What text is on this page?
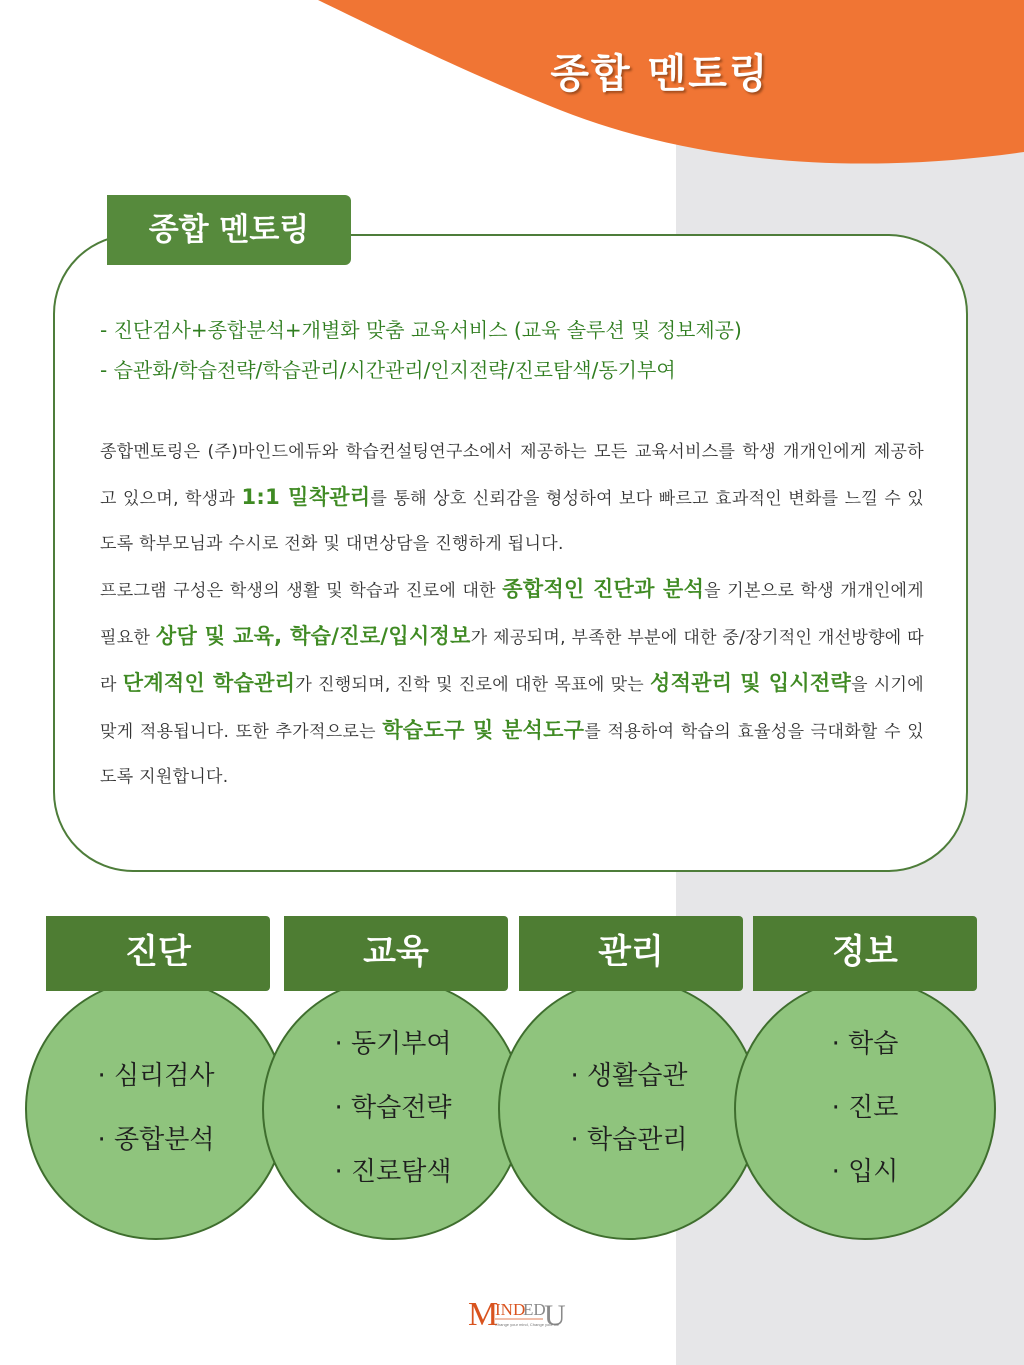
종합 멘토링
종합 멘토링
- 진단검사+종합분석+개별화 맞춤 교육서비스 (교육 솔루션 및 정보제공)
- 습관화/학습전략/학습관리/시간관리/인지전략/진로탐색/동기부여
종합멘토링은 (주)마인드에듀와 학습컨설팅연구소에서 제공하는 모든 교육서비스를 학생 개개인에게 제공하고 있으며, 학생과 1:1 밀착관리를 통해 상호 신뢰감을 형성하여 보다 빠르고 효과적인 변화를 느낄 수 있도록 학부모님과 수시로 전화 및 대면상담을 진행하게 됩니다.
프로그램 구성은 학생의 생활 및 학습과 진로에 대한 종합적인 진단과 분석을 기본으로 학생 개개인에게 필요한 상담 및 교육, 학습/진로/입시정보가 제공되며, 부족한 부분에 대한 중/장기적인 개선방향에 따라 단계적인 학습관리가 진행되며, 진학 및 진로에 대한 목표에 맞는 성적관리 및 입시전략을 시기에 맞게 적용됩니다. 또한 추가적으로는 학습도구 및 분석도구를 적용하여 학습의 효율성을 극대화할 수 있도록 지원합니다.
· 심리검사
· 종합분석
· 동기부여
· 학습전략
· 진로탐색
· 생활습관
· 학습관리
· 학습
· 진로
· 입시
진단	교육	관리	정보
M
IND
ED
U
Change your mind, Change your life
